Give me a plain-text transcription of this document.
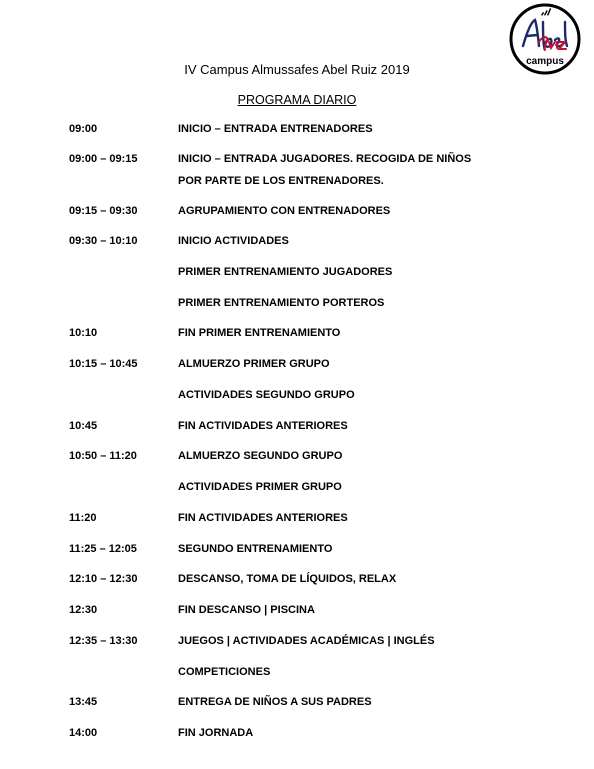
campus
IV Campus Almussafes Abel Ruiz 2019
PROGRAMA DIARIO
09:00	INICIO – ENTRADA ENTRENADORES
09:00 – 09:15	INICIO – ENTRADA JUGADORES. RECOGIDA DE NIÑOS POR PARTE DE LOS ENTRENADORES.
09:15 – 09:30	AGRUPAMIENTO CON ENTRENADORES
09:30 – 10:10	INICIO ACTIVIDADES
PRIMER ENTRENAMIENTO JUGADORES
PRIMER ENTRENAMIENTO PORTEROS
10:10	FIN PRIMER ENTRENAMIENTO
10:15 – 10:45	ALMUERZO PRIMER GRUPO
ACTIVIDADES SEGUNDO GRUPO
10:45	FIN ACTIVIDADES ANTERIORES
10:50 – 11:20	ALMUERZO SEGUNDO GRUPO
ACTIVIDADES PRIMER GRUPO
11:20	FIN ACTIVIDADES ANTERIORES
11:25 – 12:05	SEGUNDO ENTRENAMIENTO
12:10 – 12:30	DESCANSO, TOMA DE LÍQUIDOS, RELAX
12:30	FIN DESCANSO | PISCINA
12:35 – 13:30	JUEGOS | ACTIVIDADES ACADÉMICAS | INGLÉS
COMPETICIONES
13:45	ENTREGA DE NIÑOS A SUS PADRES
14:00	FIN JORNADA
